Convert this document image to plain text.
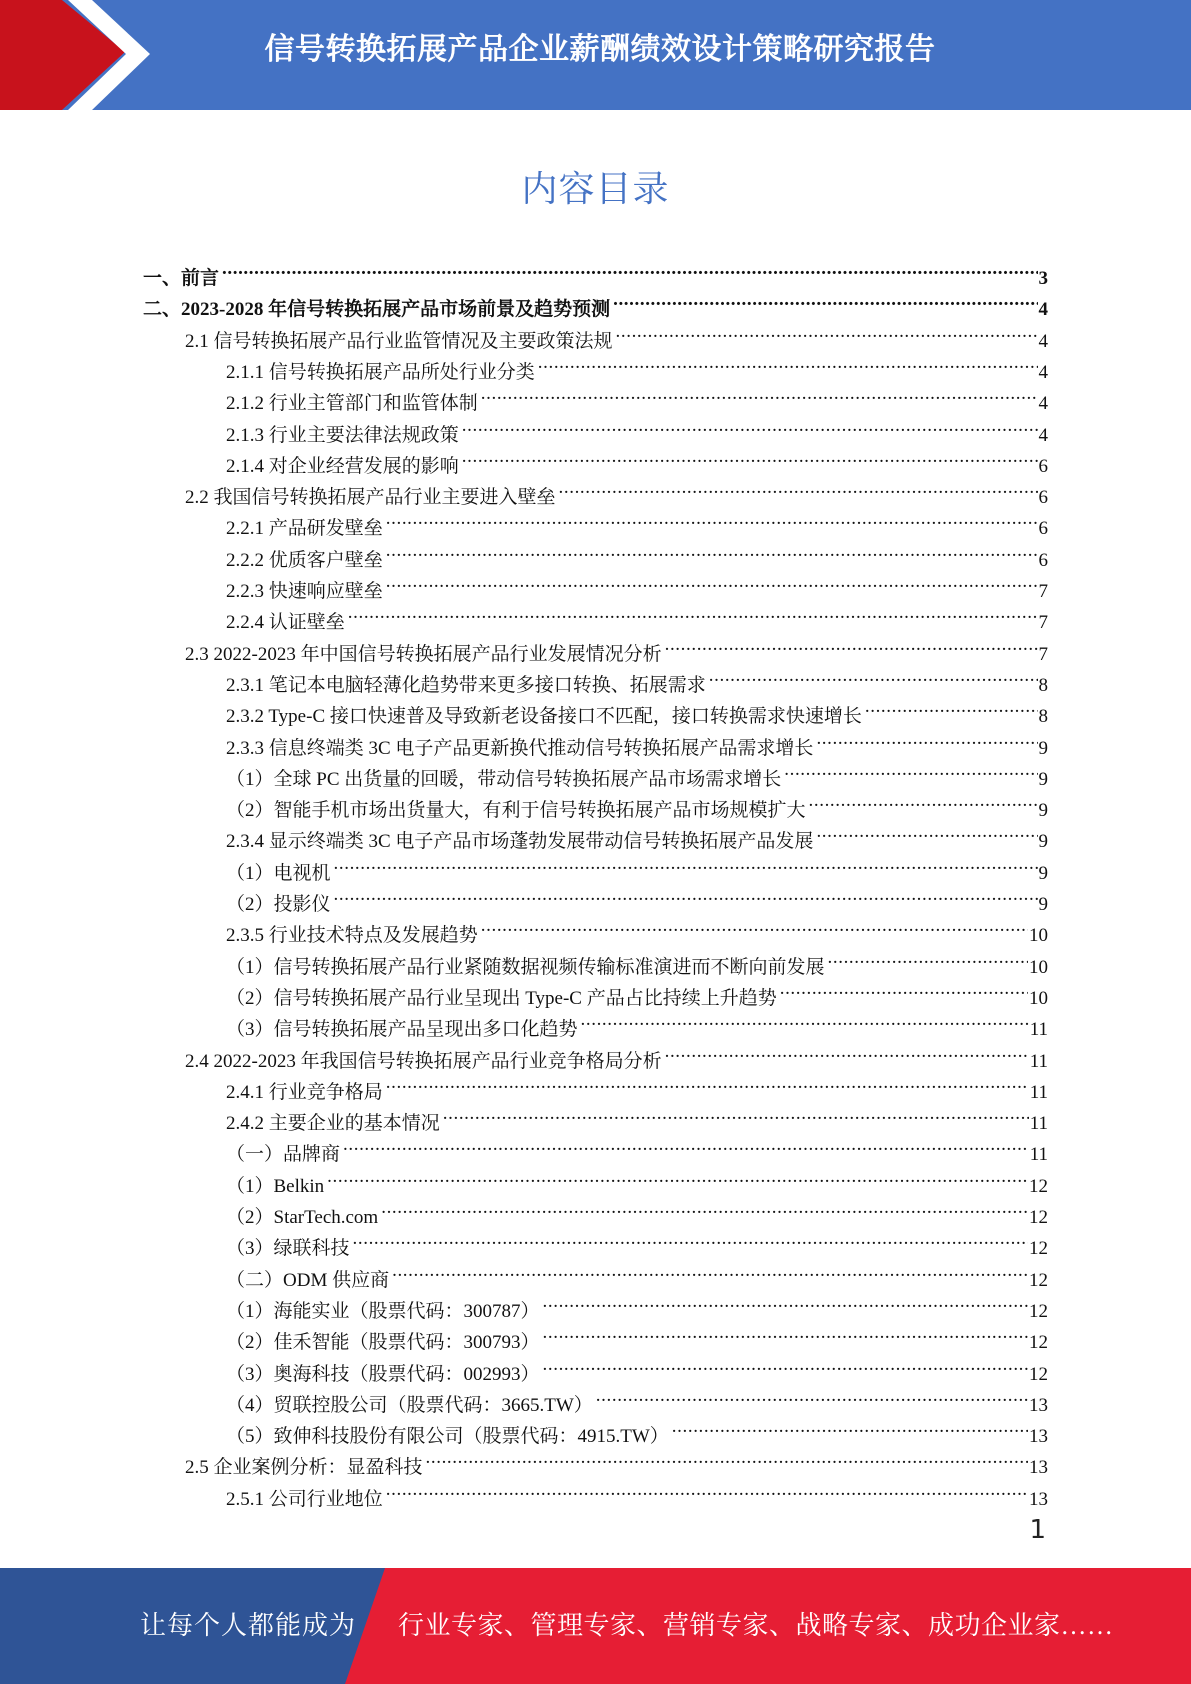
信号转换拓展产品企业薪酬绩效设计策略研究报告
内容目录
一、前言 .....	3
二、2023-2028 年信号转换拓展产品市场前景及趋势预测 .....	4
2.1 信号转换拓展产品行业监管情况及主要政策法规 .....	4
2.1.1 信号转换拓展产品所处行业分类 .....	4
2.1.2 行业主管部门和监管体制 .....	4
2.1.3 行业主要法律法规政策 .....	4
2.1.4 对企业经营发展的影响 .....	6
2.2 我国信号转换拓展产品行业主要进入壁垒 .....	6
2.2.1 产品研发壁垒 .....	6
2.2.2 优质客户壁垒 .....	6
2.2.3 快速响应壁垒 .....	7
2.2.4 认证壁垒 .....	7
2.3 2022-2023 年中国信号转换拓展产品行业发展情况分析 .....	7
2.3.1 笔记本电脑轻薄化趋势带来更多接口转换、拓展需求 .....	8
2.3.2 Type-C 接口快速普及导致新老设备接口不匹配，接口转换需求快速增长 .....	8
2.3.3 信息终端类 3C 电子产品更新换代推动信号转换拓展产品需求增长 .....	9
（1）全球 PC 出货量的回暖，带动信号转换拓展产品市场需求增长 .....	9
（2）智能手机市场出货量大，有利于信号转换拓展产品市场规模扩大 .....	9
2.3.4 显示终端类 3C 电子产品市场蓬勃发展带动信号转换拓展产品发展 .....	9
（1）电视机 .....	9
（2）投影仪 .....	9
2.3.5 行业技术特点及发展趋势 .....	10
（1）信号转换拓展产品行业紧随数据视频传输标准演进而不断向前发展 .....	10
（2）信号转换拓展产品行业呈现出 Type-C 产品占比持续上升趋势 .....	10
（3）信号转换拓展产品呈现出多口化趋势 .....	11
2.4 2022-2023 年我国信号转换拓展产品行业竞争格局分析 .....	11
2.4.1 行业竞争格局 .....	11
2.4.2 主要企业的基本情况 .....	11
（一）品牌商 .....	11
（1）Belkin .....	12
（2）StarTech.com .....	12
（3）绿联科技 .....	12
（二）ODM 供应商 .....	12
（1）海能实业（股票代码：300787） .....	12
（2）佳禾智能（股票代码：300793） .....	12
（3）奥海科技（股票代码：002993） .....	12
（4）贸联控股公司（股票代码：3665.TW） .....	13
（5）致伸科技股份有限公司（股票代码：4915.TW） .....	13
2.5 企业案例分析：显盈科技 .....	13
2.5.1 公司行业地位 .....	13
1
让每个人都能成为 行业专家、管理专家、营销专家、战略专家、成功企业家……
